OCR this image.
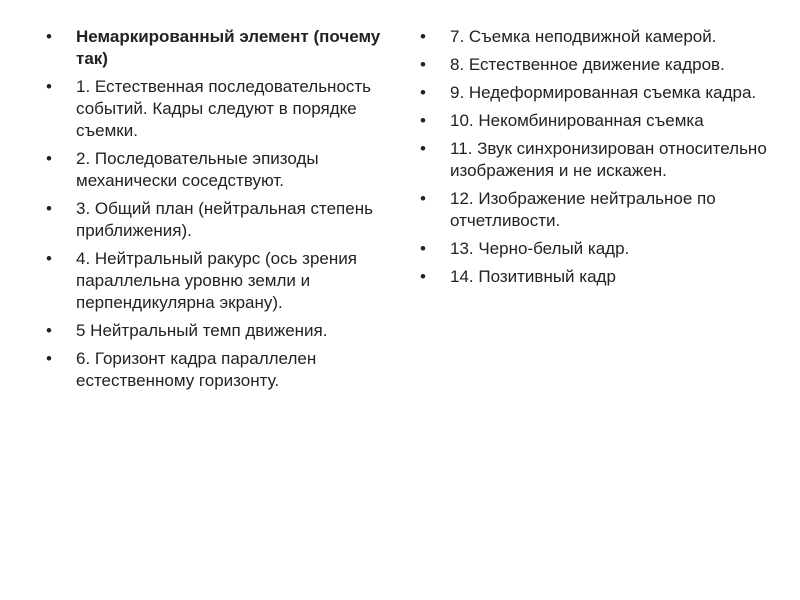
•	Немаркированный элемент (почему так)
•	1. Естественная последовательность событий. Кадры следуют в порядке съемки.
•	2. Последовательные эпизоды механически соседствуют.
•	3. Общий план (нейтральная степень приближения).
•	4. Нейтральный ракурс (ось зрения параллельна уровню земли и перпендикулярна экрану).
•	5 Нейтральный темп движения.
•	6. Горизонт кадра параллелен естественному горизонту.
•	7. Съемка неподвижной камерой.
•	8. Естественное движение кадров.
•	9. Недеформированная съемка кадра.
•	10. Некомбинированная съемка
•	11. Звук синхронизирован относительно изображения и не искажен.
•	12. Изображение нейтральное по отчетливости.
•	13. Черно-белый кадр.
•	14. Позитивный кадр
